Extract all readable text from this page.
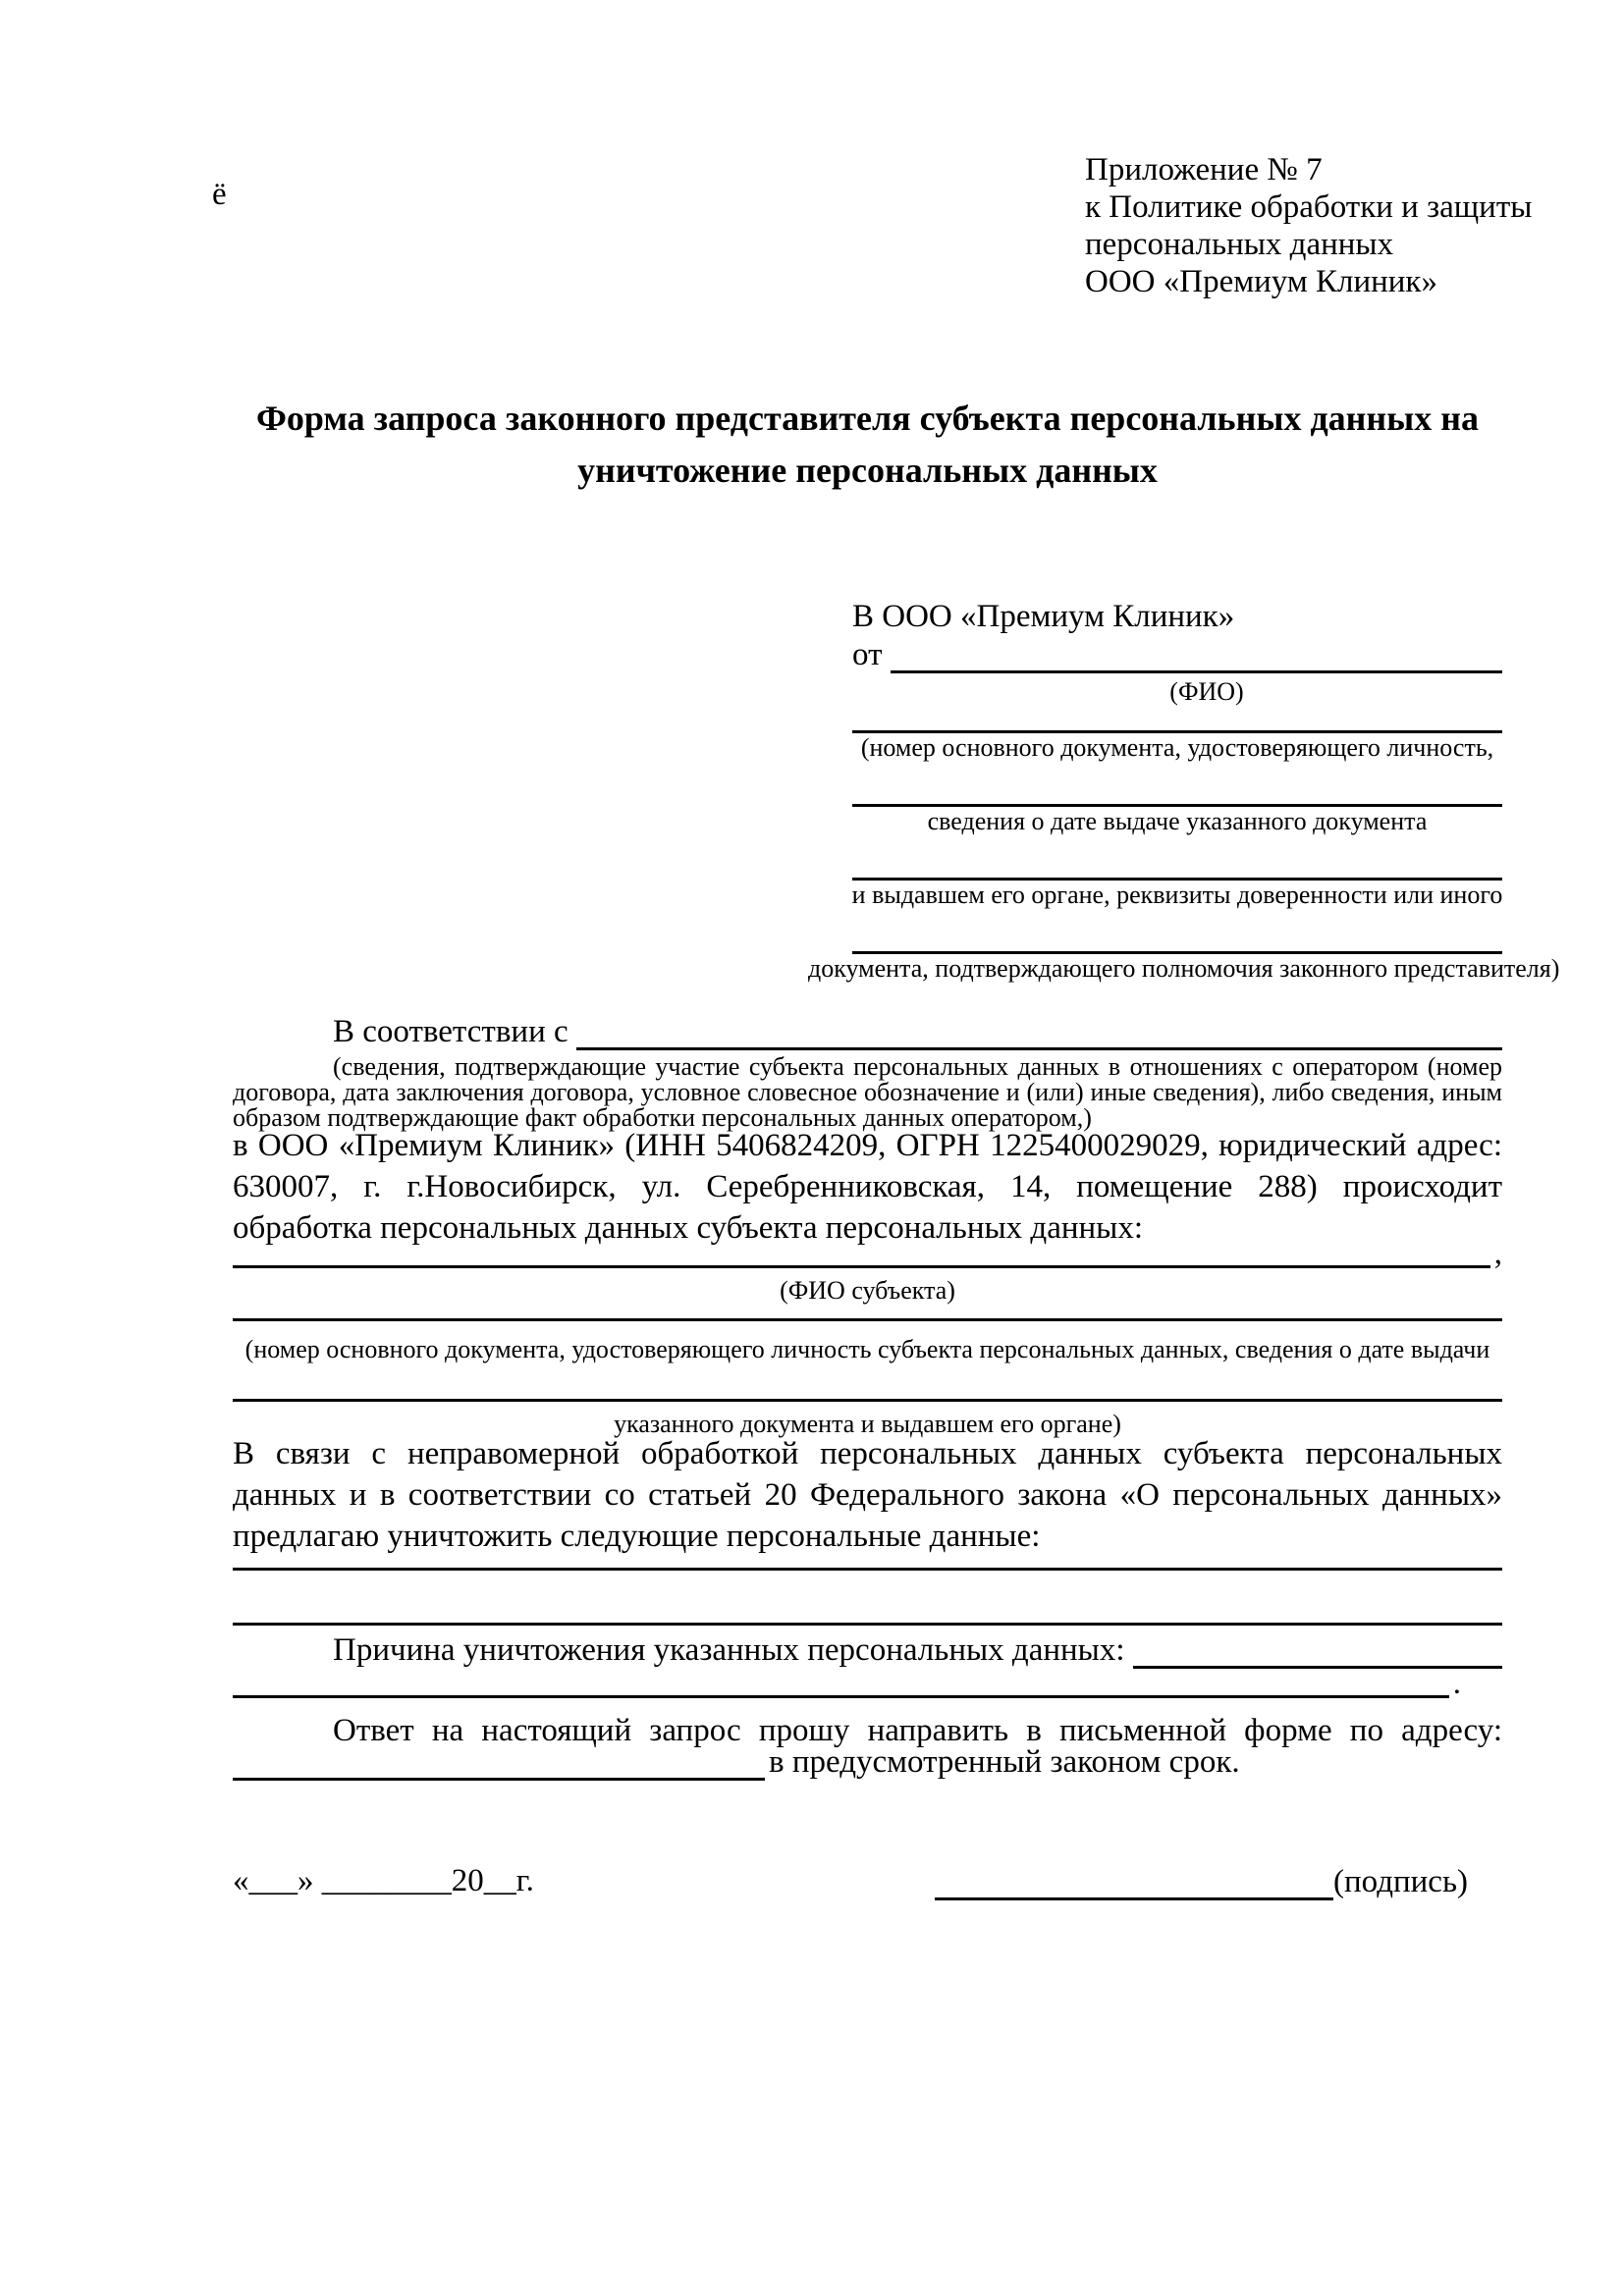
ё
Приложение № 7
к Политике обработки и защиты
персональных данных
ООО «Премиум Клиник»
Форма запроса законного представителя субъекта персональных данных на уничтожение персональных данных
В ООО «Премиум Клиник»
от
(ФИО)
(номер основного документа, удостоверяющего личность,
сведения о дате выдаче указанного документа
и выдавшем его органе, реквизиты доверенности или иного
документа, подтверждающего полномочия законного представителя)
В соответствии с
(сведения, подтверждающие участие субъекта персональных данных в отношениях с оператором (номер договора, дата заключения договора, условное словесное обозначение и (или) иные сведения), либо сведения, иным образом подтверждающие факт обработки персональных данных оператором,)
в ООО «Премиум Клиник» (ИНН 5406824209, ОГРН 1225400029029, юридический адрес: 630007, г. г.Новосибирск, ул. Серебренниковская, 14, помещение 288) происходит обработка персональных данных субъекта персональных данных:
,
(ФИО субъекта)
(номер основного документа, удостоверяющего личность субъекта персональных данных, сведения о дате выдачи
указанного документа и выдавшем его органе)
В связи с неправомерной обработкой персональных данных субъекта персональных данных и в соответствии со статьей 20 Федерального закона «О персональных данных» предлагаю уничтожить следующие персональные данные:
Причина уничтожения указанных персональных данных:
.
Ответ на настоящий запрос прошу направить в письменной форме по адресу:
в предусмотренный законом срок.
«___» ________20__г.	(подпись)
